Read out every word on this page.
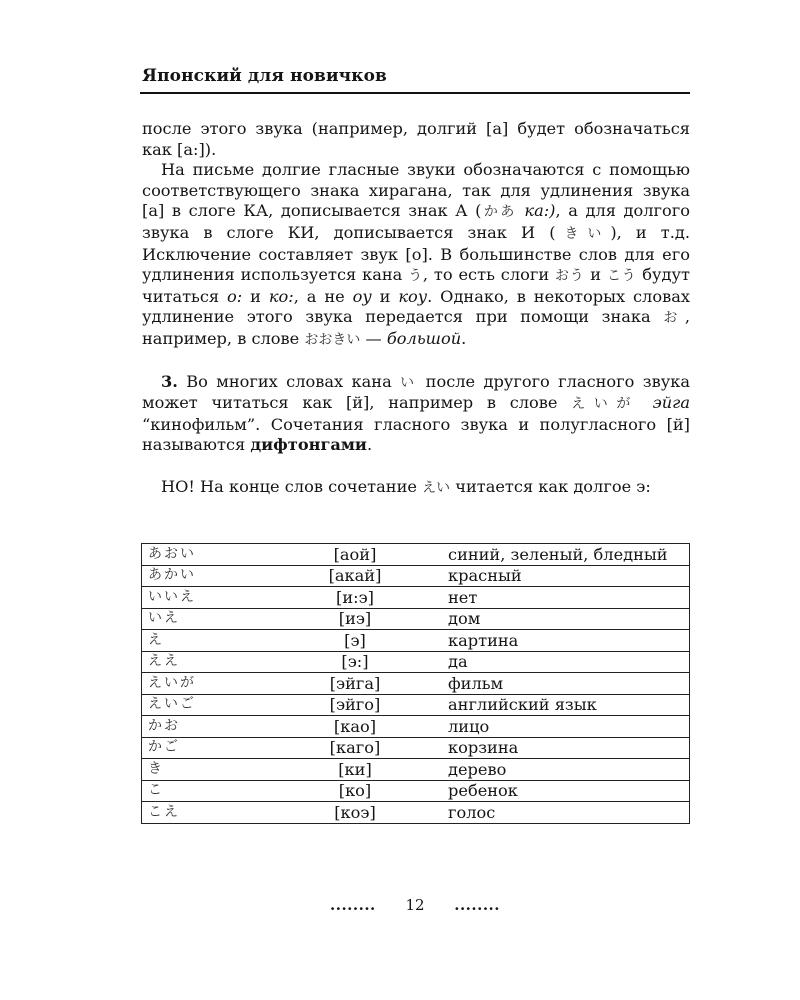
Японский для новичков

после этого звука (например, долгий [а] будет обозначаться как [а:]).

На письме долгие гласные звуки обозначаются с помощью соответствующего знака хирагана, так для удлинения звука [а] в слоге КА, дописывается знак А (かあ ка:), а для долгого звука в слоге КИ, дописывается знак И (きい), и т.д. Исключение составляет звук [о]. В большинстве слов для его удлинения используется кана う, то есть слоги おう и こう будут читаться о: и ко:, а не оу и коу. Однако, в некоторых словах удлинение этого звука передается при помощи знака お, например, в слове おおきい — большой.

3. Во многих словах кана い после другого гласного звука может читаться как [й], например в слове えいが эйга “кинофильм”. Сочетания гласного звука и полугласного [й] называются дифтонгами.

НО! На конце слов сочетание えい читается как долгое э:

あおい	[аой]	синий, зеленый, бледный
あかい	[акай]	красный
いいえ	[и:э]	нет
いえ	[иэ]	дом
え	[э]	картина
ええ	[э:]	да
えいが	[эйга]	фильм
えいご	[эйго]	английский язык
かお	[као]	лицо
かご	[каго]	корзина
き	[ки]	дерево
こ	[ко]	ребенок
こえ	[коэ]	голос
........ 12 ........
